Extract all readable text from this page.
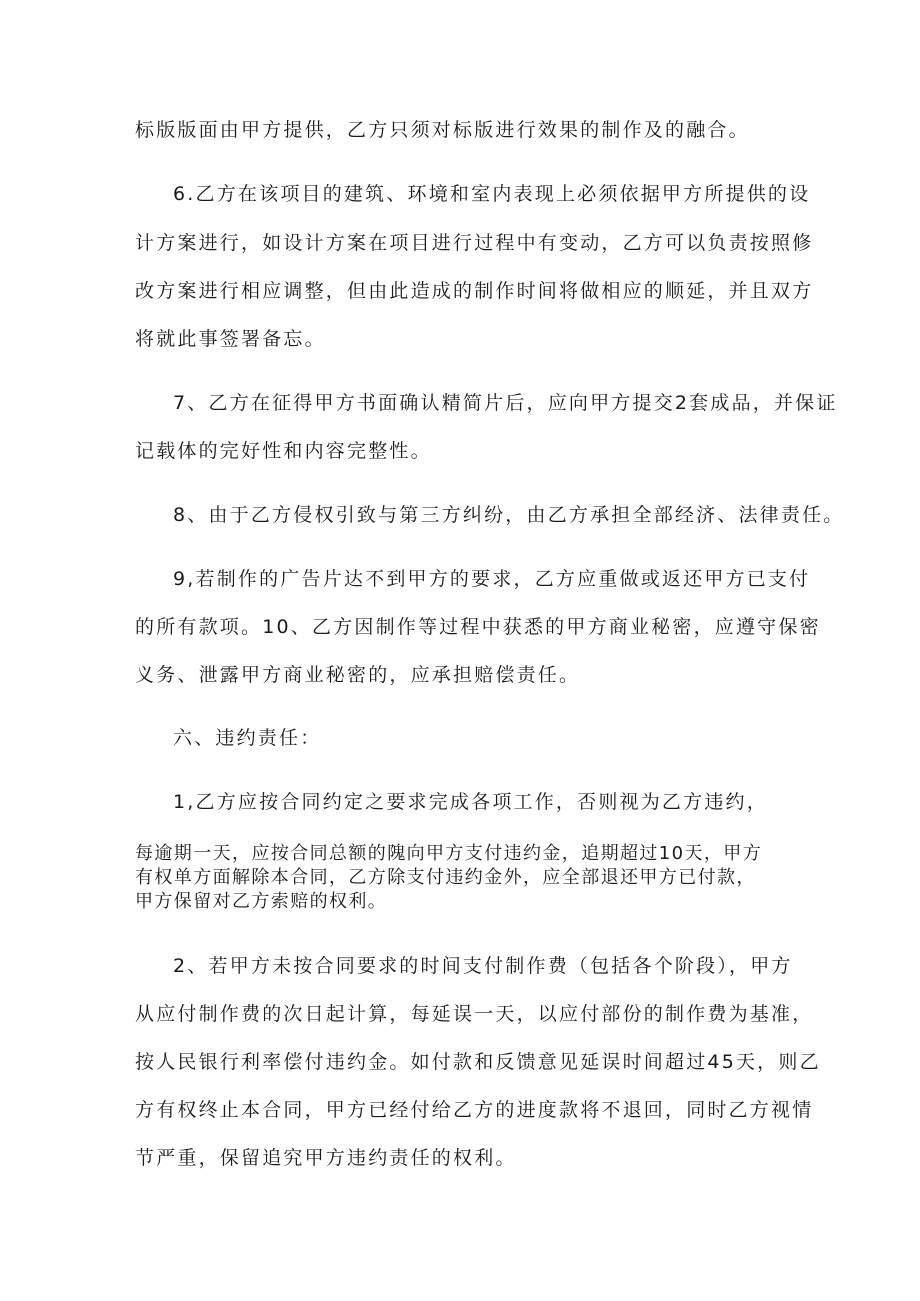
标版版面由甲方提供，乙方只须对标版进行效果的制作及的融合。
6.乙方在该项目的建筑、环境和室内表现上必须依据甲方所提供的设
计方案进行，如设计方案在项目进行过程中有变动，乙方可以负责按照修
改方案进行相应调整，但由此造成的制作时间将做相应的顺延，并且双方
将就此事签署备忘。
7、乙方在征得甲方书面确认精简片后，应向甲方提交2套成品，并保证
记载体的完好性和内容完整性。
8、由于乙方侵权引致与第三方纠纷，由乙方承担全部经济、法律责任。
9,若制作的广告片达不到甲方的要求，乙方应重做或返还甲方已支付
的所有款项。10、乙方因制作等过程中获悉的甲方商业秘密，应遵守保密
义务、泄露甲方商业秘密的，应承担赔偿责任。
六、违约责任：
1,乙方应按合同约定之要求完成各项工作，否则视为乙方违约，
每逾期一天，应按合同总额的隗向甲方支付违约金，追期超过10天，甲方
有权单方面解除本合同，乙方除支付违约金外，应全部退还甲方已付款，
甲方保留对乙方索赔的权利。
2、若甲方未按合同要求的时间支付制作费（包括各个阶段），甲方
从应付制作费的次日起计算，每延误一天，以应付部份的制作费为基准，
按人民银行利率偿付违约金。如付款和反馈意见延误时间超过45天，则乙
方有权终止本合同，甲方已经付给乙方的进度款将不退回，同时乙方视情
节严重，保留追究甲方违约责任的权利。
